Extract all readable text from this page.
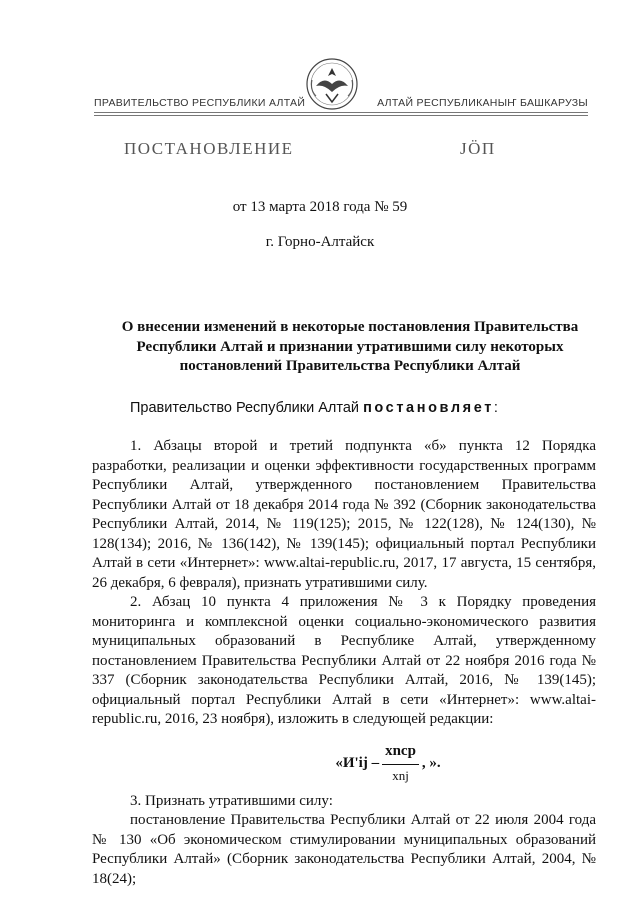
ПРАВИТЕЛЬСТВО РЕСПУБЛИКИ АЛТАЙ	АЛТАЙ РЕСПУБЛИКАНЫҤ БАШКАРУЗЫ
ПОСТАНОВЛЕНИЕ	ЈÖП
от 13 марта 2018 года № 59
г. Горно-Алтайск
О внесении изменений в некоторые постановления Правительства Республики Алтай и признании утратившими силу некоторых постановлений Правительства Республики Алтай
Правительство Республики Алтай постановляет:

1. Абзацы второй и третий подпункта «б» пункта 12 Порядка разработки, реализации и оценки эффективности государственных программ Республики Алтай, утвержденного постановлением Правительства Республики Алтай от 18 декабря 2014 года № 392 (Сборник законодательства Республики Алтай, 2014, № 119(125); 2015, № 122(128), № 124(130), № 128(134); 2016, № 136(142), № 139(145); официальный портал Республики Алтай в сети «Интернет»: www.altai-republic.ru, 2017, 17 августа, 15 сентября, 26 декабря, 6 февраля), признать утратившими силу.

2. Абзац 10 пункта 4 приложения № 3 к Порядку проведения мониторинга и комплексной оценки социально-экономического развития муниципальных образований в Республике Алтай, утвержденному постановлением Правительства Республики Алтай от 22 ноября 2016 года № 337 (Сборник законодательства Республики Алтай, 2016, № 139(145); официальный портал Республики Алтай в сети «Интернет»: www.altai-republic.ru, 2016, 23 ноября), изложить в следующей редакции:

«$И'ij - \frac{\text{xnср}}{\text{xnj}}$ , ».

3. Признать утратившими силу:

постановление Правительства Республики Алтай от 22 июля 2004 года № 130 «Об экономическом стимулировании муниципальных образований Республики Алтай» (Сборник законодательства Республики Алтай, 2004, № 18(24);
